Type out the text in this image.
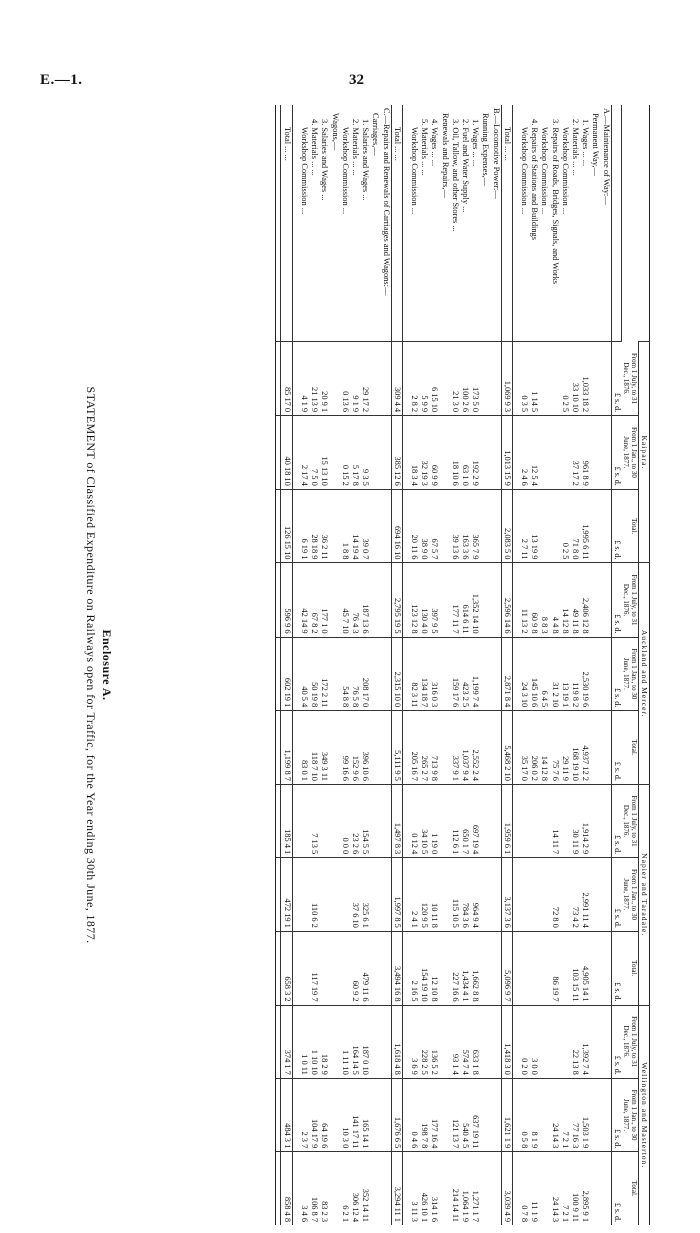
E.—1.	32
	Kaipara.			Auckland and Mercer.			Napier and Taradale.			Wellington and Masterton.		
	From 1 July, to 31 Dec., 1876.	From 1 Jan., to 30 June, 1877.	Total.	From 1 July, to 31 Dec., 1876.	From 1 Jan., to 30 June, 1877.	Total.	From 1 July, to 31 Dec., 1876.	From 1 Jan., to 30 June, 1877.	Total.	From 1 July, to 31 Dec., 1876.	From 1 Jan., to 30 June, 1877.	Total.
	£ s. d.	£ s. d.	£ s. d.	£ s. d.	£ s. d.	£ s. d.	£ s. d.	£ s. d.	£ s. d.	£ s. d.	£ s. d.	£ s. d.
A.—Maintenance of Way:—												
Permanent Way,—												
1. Wages ... ...	1,033 18 2	961 8 9	1,995 6 11	2,406 12 8	2,530 19 6	4,937 12 2	1,914 2 9	2,991 11 4	4,905 14 1	1,392 7 4	1,503 1 9	2,895 9 1
2. Materials ... ...	33 10 10	37 17 2	71 8 0	49 11 8	119 8 2	168 19 10	30 11 9	73 4 2	103 15 11	22 13 8	77 16 3	100 9 11
Workshop Commission ...	0 2 5		0 2 5	14 12 8	13 19 1	29 11 9					7 2 1	7 2 1
3. Repairs of Roads, Bridges, Signals, and Works				4 4 8	31 2 10	75 7 6	14 11 7	72 8 0	86 19 7		24 14 3	24 14 3
Workshop Commission ...				8 8 3	6 4 5	14 12 8						
4. Repairs of Stations and Buildings	1 14 5	12 5 4	13 19 9	60 9 8	145 10 6	206 0 2				3 0 0	8 1 9	11 1 9
Workshop Commission ...	0 3 5	2 4 6	2 7 11	11 13 2	24 3 10	35 17 0				0 2 0	0 5 8	0 7 8

Total ... ...	1,069 9 3	1,013 15 9	2,083 5 0	2,596 14 6	2,871 8 4	5,468 2 10	1,959 6 1	3,137 3 6	5,096 9 7	1,418 3 0	1,621 1 9	3,039 4 9
B.—Locomotive Power:—												
Running Expenses,—												
1. Wages ... ...	173 5 0	192 2 9	365 7 9	1,352 14 10	1,199 7 4	2,552 2 4	697 19 4	964 9 4	1,662 8 8	633 1 8	637 19 11	1,271 1 7
2. Fuel and Water Supply ...	100 2 6	63 1 0	163 3 6	614 6 11	423 2 5	1,037 9 4	650 1 7	784 3 6	1,434 4 1	574 7 4	540 4 5	1,064 1 9
3. Oil, Tallow, and other Stores ...	21 3 0	18 10 6	39 13 6	177 11 7	159 17 6	337 9 1	112 6 1	115 10 5	227 16 6	93 1 4	121 13 7	214 14 11
Renewals and Repairs,—												
4. Wages ... ...	6 15 10	60 9 9	67 5 7	397 9 5	316 0 3	713 9 8	1 19 0	10 11 8	12 10 8	136 5 2	177 16 4	314 1 6
5. Materials ... ...	5 9 9	32 19 3	38 9 0	130 4 0	134 18 7	265 2 7	34 10 5	120 9 5	154 19 10	228 2 5	198 7 8	426 10 1
Workshop Commission ...	2 8 2	18 3 4	20 11 6	123 12 8	82 3 11	205 16 7	0 12 4	2 4 1	2 16 5	3 6 9	0 4 6	3 11 3

Total ... ...	309 4 4	385 12 6	694 16 10	2,795 19 5	2,315 10 0	5,111 9 5	1,497 8 3	1,997 8 5	3,494 16 8	1,618 4 8	1,676 6 5	3,294 11 1
C.—Repairs and Renewals of Carriages and Wagons:—												
Carriages,—												
1. Salaries and Wages ...	29 17 2	9 3 5	39 0 7	187 13 6	208 17 0	396 10 6	154 5 5	325 6 1	479 11 6	187 0 10	165 14 1	352 14 11
2. Materials ... ...	9 1 9	5 17 8	14 19 4	76 4 3	76 5 8	152 9 6	23 2 6	37 6 10	60 9 2	164 14 5	141 17 11	306 12 4
Workshop Commission ...	0 13 6	0 15 2	1 8 8	45 7 10	54 8 8	99 16 6	0 0 0			1 11 10	10 3 0	6 2 1
Wagons,—												
3. Salaries and Wages ...	20 9 1	15 13 10	36 2 11	177 1 0	172 2 11	349 3 11				18 2 9	64 19 6	83 2 3
4. Materials ... ...	21 13 9	7 5 0	28 18 9	67 8 2	50 19 8	118 7 10	7 13 5	110 6 2	117 19 7	1 10 10	104 17 9	106 8 7
Workshop Commission ...	4 1 9	2 17 4	6 19 1	42 14 9	40 5 4	83 0 1				1 0 11	2 3 7	3 4 6

Total ... ...	85 17 0	40 18 10	126 15 10	596 9 6	602 19 1	1,199 8 7	185 4 1	472 19 1	658 3 2	374 1 7	484 3 1	858 4 8

Enclosure A.
STATEMENT of Classified Expenditure on Railways open for Traffic, for the Year ending 30th June, 1877.
